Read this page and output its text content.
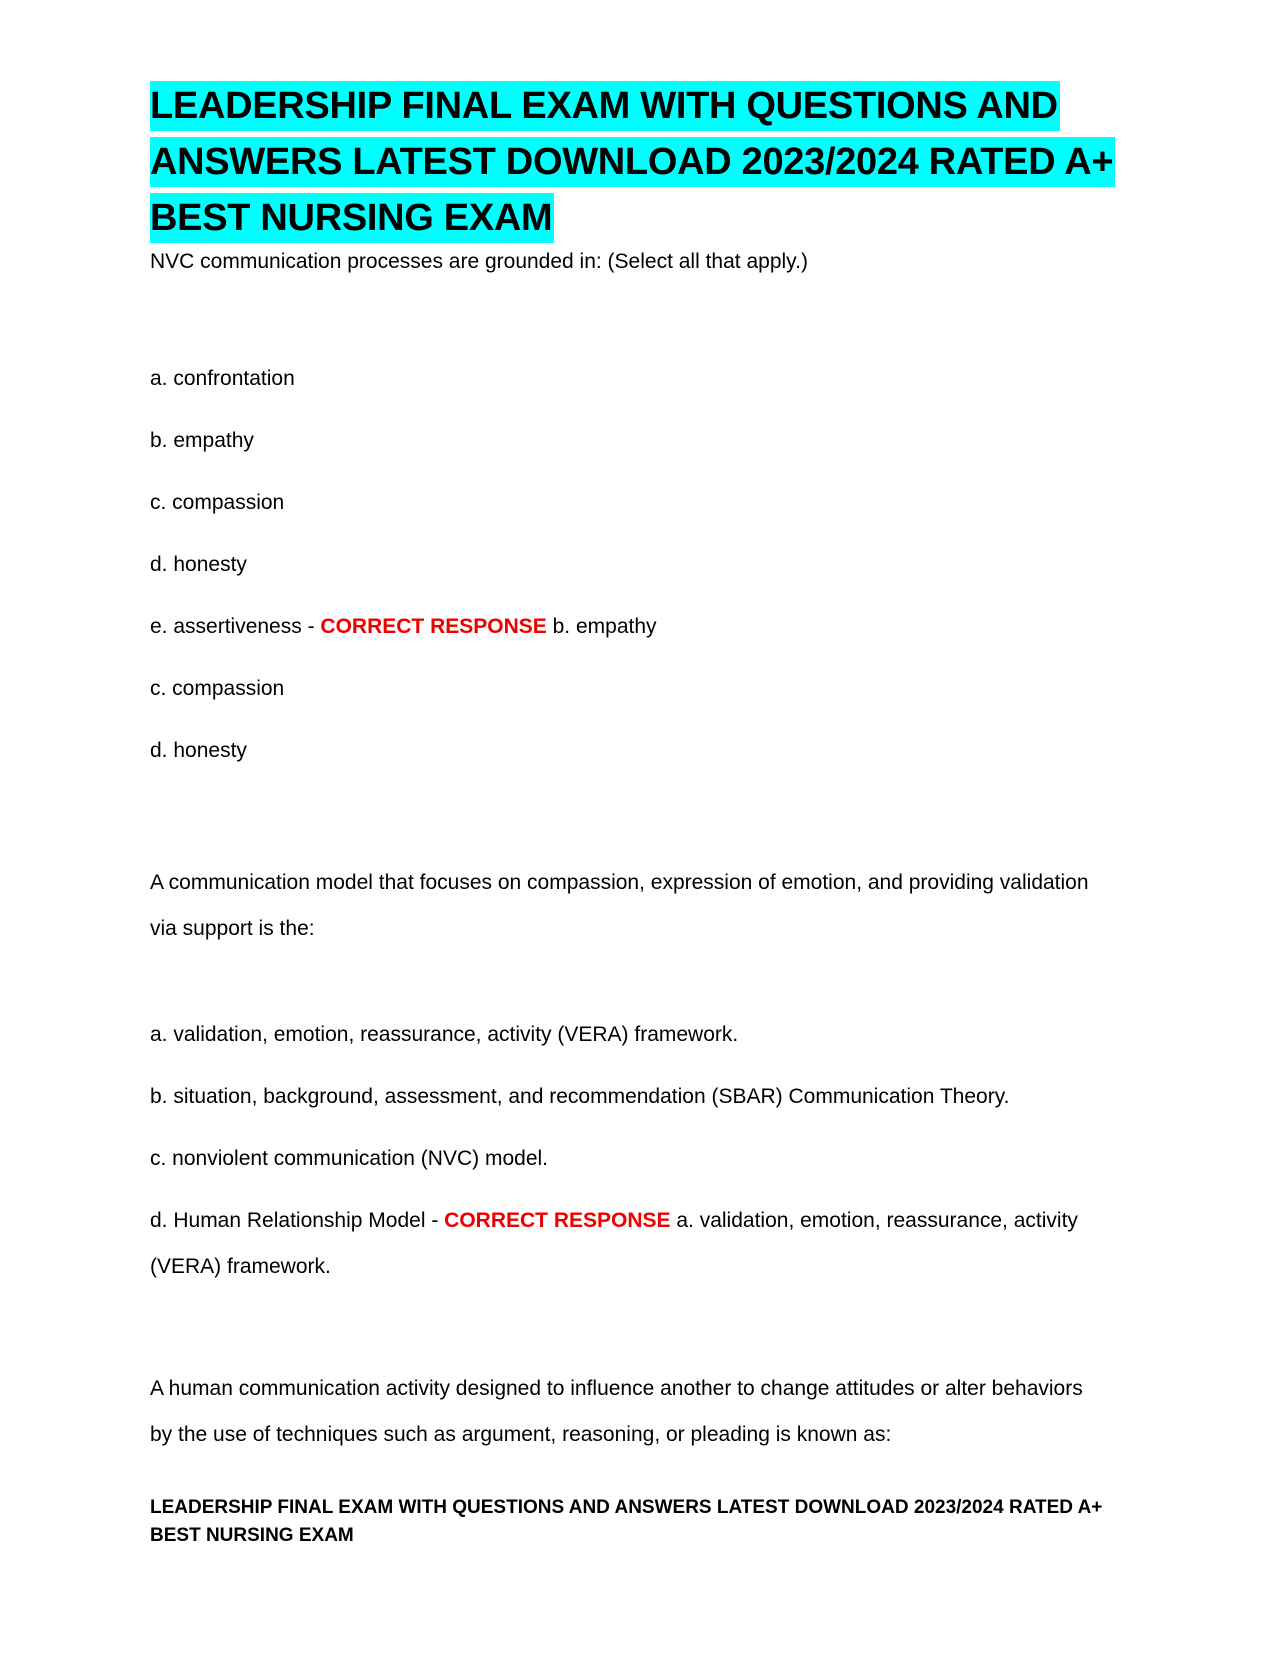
LEADERSHIP FINAL EXAM WITH QUESTIONS AND ANSWERS LATEST DOWNLOAD 2023/2024 RATED A+ BEST NURSING EXAM

NVC communication processes are grounded in: (Select all that apply.)

a. confrontation

b. empathy

c. compassion

d. honesty

e. assertiveness - CORRECT RESPONSE b. empathy

c. compassion

d. honesty

A communication model that focuses on compassion, expression of emotion, and providing validation via support is the:

a. validation, emotion, reassurance, activity (VERA) framework.

b. situation, background, assessment, and recommendation (SBAR) Communication Theory.

c. nonviolent communication (NVC) model.

d. Human Relationship Model - CORRECT RESPONSE a. validation, emotion, reassurance, activity (VERA) framework.

A human communication activity designed to influence another to change attitudes or alter behaviors by the use of techniques such as argument, reasoning, or pleading is known as:

LEADERSHIP FINAL EXAM WITH QUESTIONS AND ANSWERS LATEST DOWNLOAD 2023/2024 RATED A+ BEST NURSING EXAM
